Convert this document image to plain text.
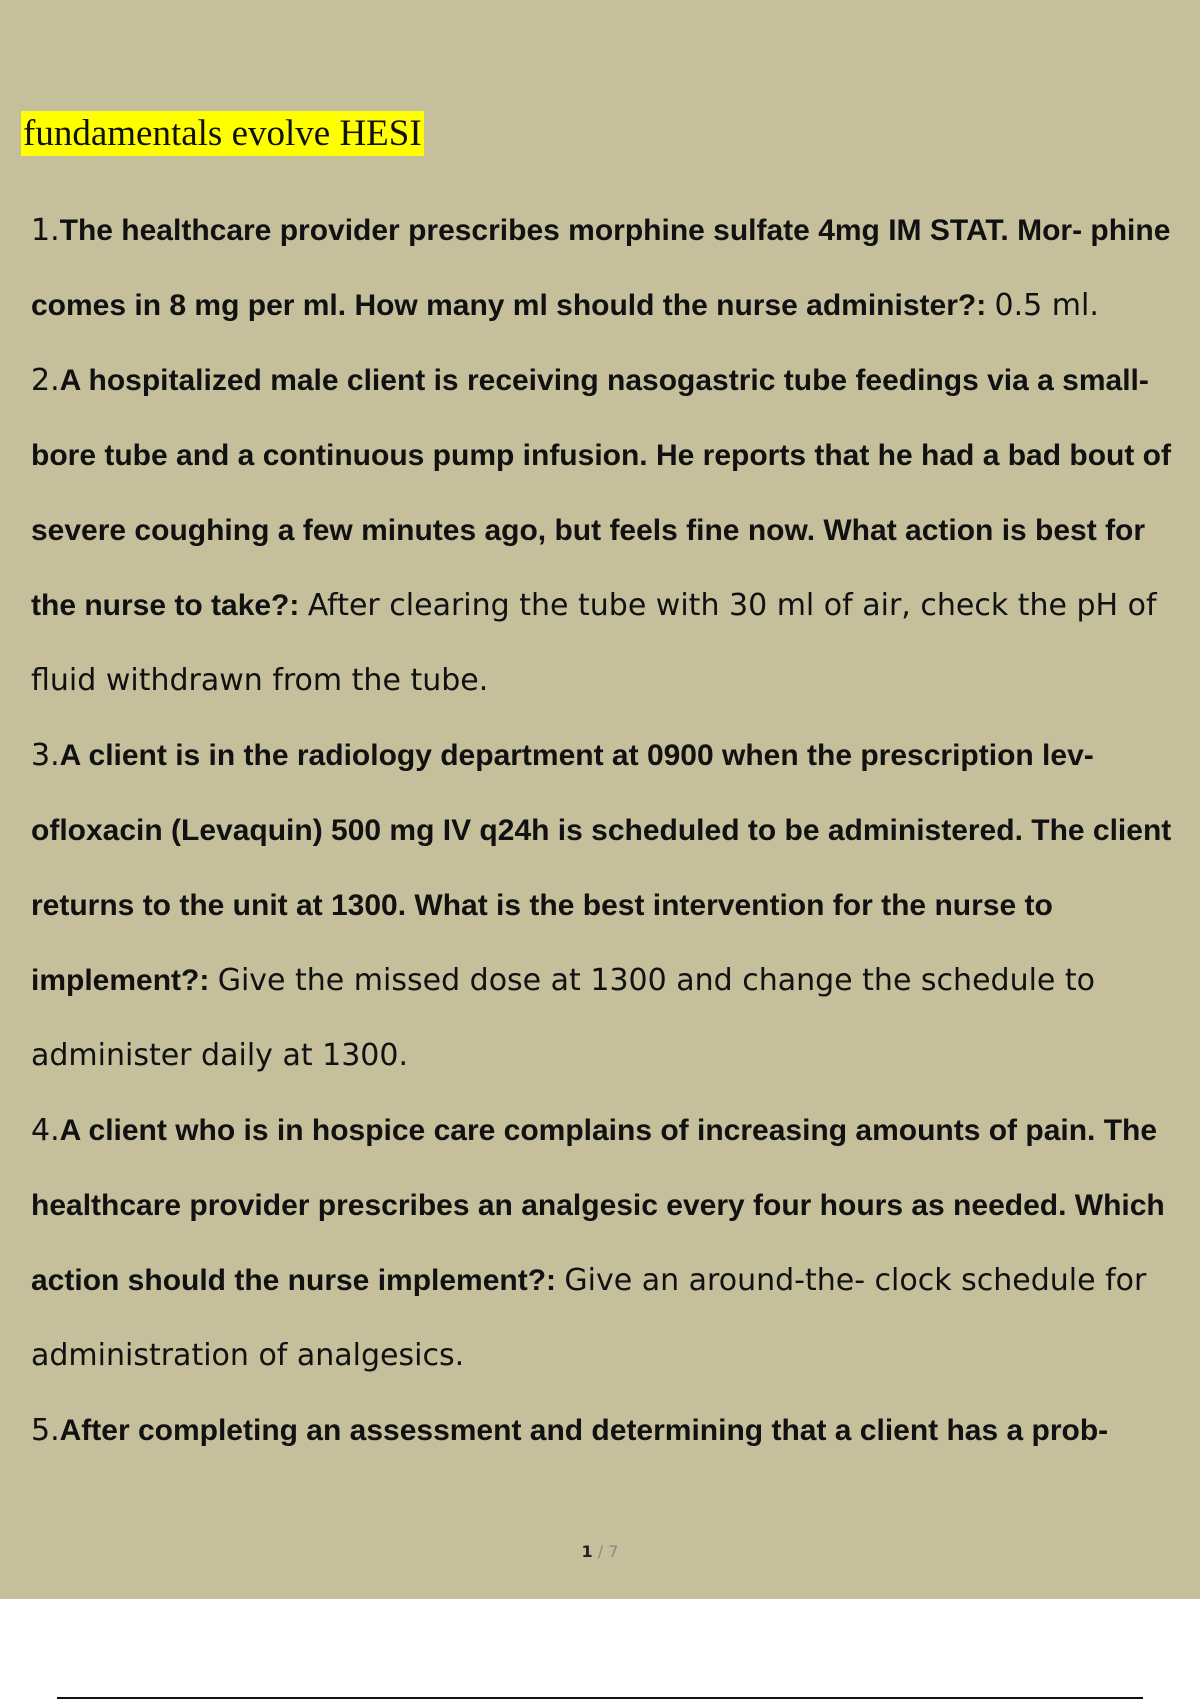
fundamentals evolve HESI

1.The healthcare provider prescribes morphine sulfate 4mg IM STAT. Mor- phine comes in 8 mg per ml. How many ml should the nurse administer?: 0.5 ml.

2.A hospitalized male client is receiving nasogastric tube feedings via a small-bore tube and a continuous pump infusion. He reports that he had a bad bout of severe coughing a few minutes ago, but feels fine now. What action is best for the nurse to take?: After clearing the tube with 30 ml of air, check the pH of fluid withdrawn from the tube.

3.A client is in the radiology department at 0900 when the prescription lev- ofloxacin (Levaquin) 500 mg IV q24h is scheduled to be administered. The client returns to the unit at 1300. What is the best intervention for the nurse to implement?: Give the missed dose at 1300 and change the schedule to administer daily at 1300.

4.A client who is in hospice care complains of increasing amounts of pain. The healthcare provider prescribes an analgesic every four hours as needed. Which action should the nurse implement?: Give an around-the- clock schedule for administration of analgesics.

5.After completing an assessment and determining that a client has a prob-

1 / 7
